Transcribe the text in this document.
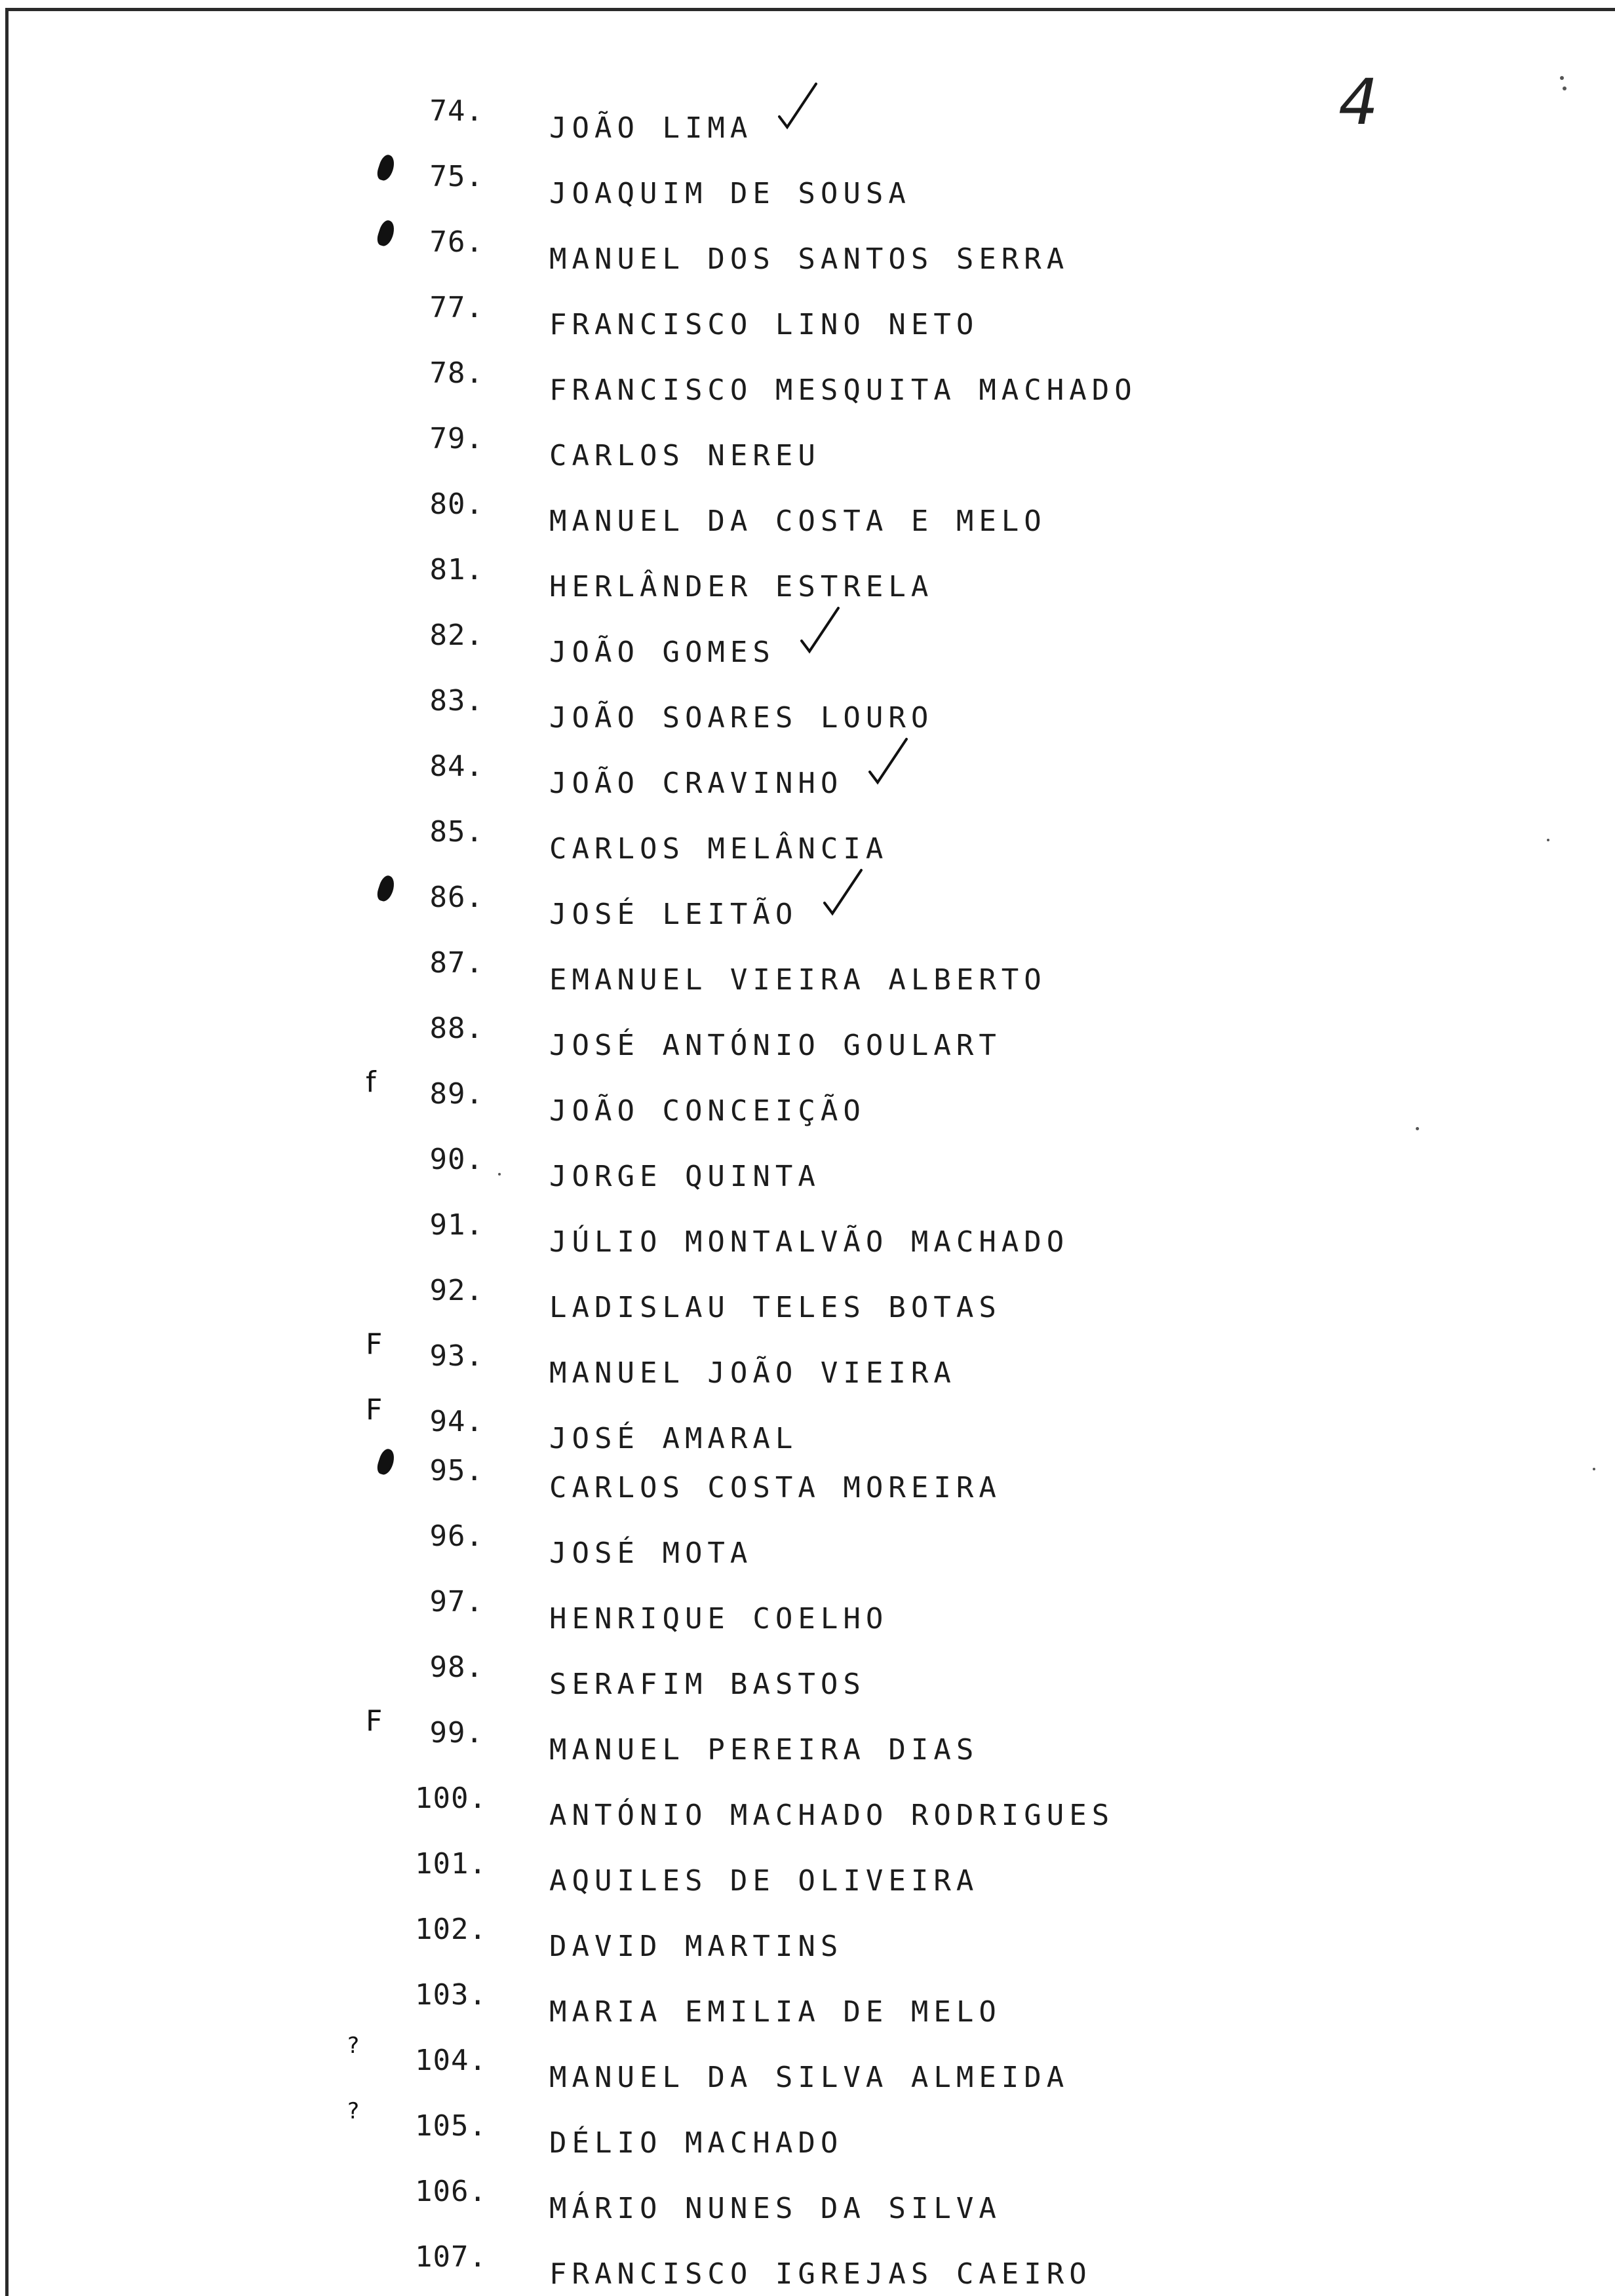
4
74.
JOÃO LIMA
75.
JOAQUIM DE SOUSA
76.
MANUEL DOS SANTOS SERRA
77.
FRANCISCO LINO NETO
78.
FRANCISCO MESQUITA MACHADO
79.
CARLOS NEREU
80.
MANUEL DA COSTA E MELO
81.
HERLÂNDER ESTRELA
82.
JOÃO GOMES
83.
JOÃO SOARES LOURO
84.
JOÃO CRAVINHO
85.
CARLOS MELÂNCIA
86.
JOSÉ LEITÃO
87.
EMANUEL VIEIRA ALBERTO
88.
JOSÉ ANTÓNIO GOULART
89.
JOÃO CONCEIÇÃO
f
90.
JORGE QUINTA
91.
JÚLIO MONTALVÃO MACHADO
92.
LADISLAU TELES BOTAS
93.
MANUEL JOÃO VIEIRA
F
94.
JOSÉ AMARAL
F
95.
CARLOS COSTA MOREIRA
96.
JOSÉ MOTA
97.
HENRIQUE COELHO
98.
SERAFIM BASTOS
99.
MANUEL PEREIRA DIAS
F
100.
ANTÓNIO MACHADO RODRIGUES
101.
AQUILES DE OLIVEIRA
102.
DAVID MARTINS
103.
MARIA EMILIA DE MELO
104.
MANUEL DA SILVA ALMEIDA
?
105.
DÉLIO MACHADO
?
106.
MÁRIO NUNES DA SILVA
107.
FRANCISCO IGREJAS CAEIRO
